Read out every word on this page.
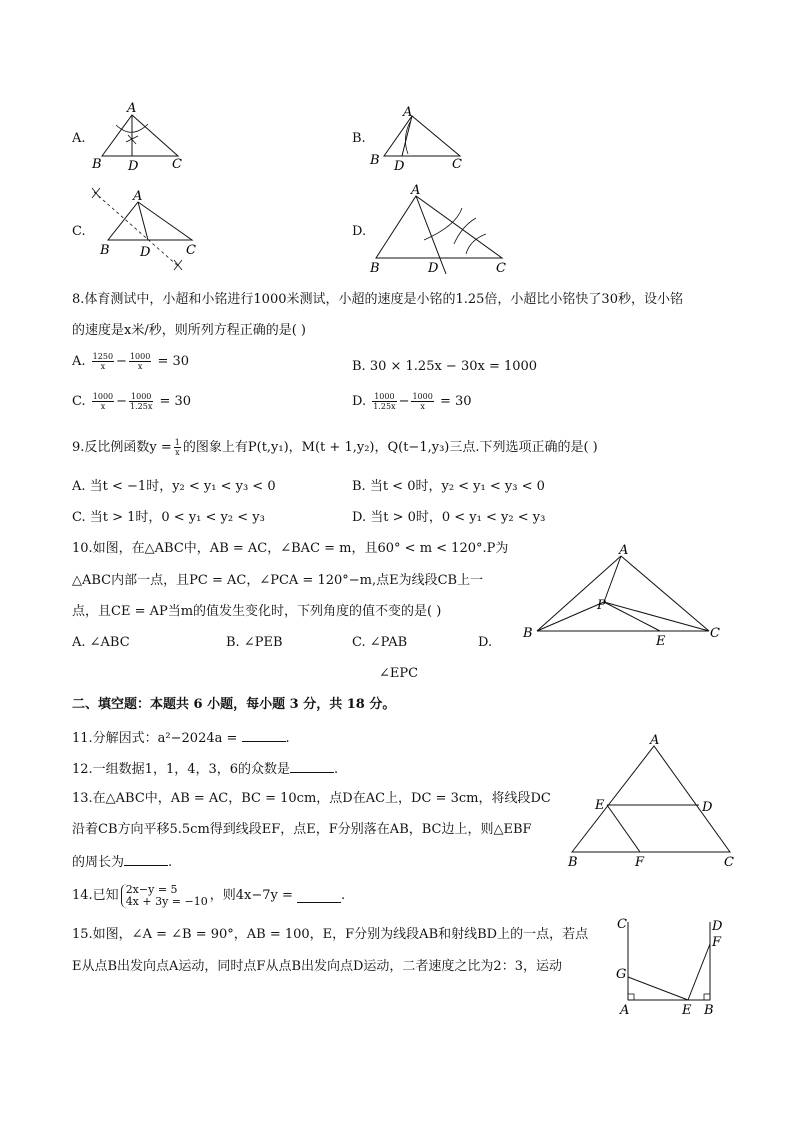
A.
A
B D	C
B.
A
B D	C
C.
A
B D	C
D.
A
B	D	C
8.体育测试中，小超和小铭进行1000米测试，小超的速度是小铭的1.25倍，小超比小铭快了30秒，设小铭
的速度是x米/秒，则所列方程正确的是( )
A. $\frac{1250}{x} - \frac{1000}{x} = 30$	B. 30 × 1.25x − 30x = 1000
C. $\frac{1000}{x} - \frac{1000}{1.25x} = 30$	D. $\frac{1000}{1.25x} - \frac{1000}{x} = 30$
9.反比例函数$y = \frac{1}{x}$ 的图象上有P(t,y₁)，M(t + 1,y₂)，Q(t−1,y₃)三点.下列选项正确的是( )
A. 当t < −1时，y₂ < y₁ < y₃ < 0	B. 当t < 0时，y₂ < y₁ < y₃ < 0
C. 当t > 1时，0 < y₁ < y₂ < y₃	D. 当t > 0时，0 < y₁ < y₂ < y₃
10.如图，在△ABC中，AB = AC，∠BAC = m，且60° < m < 120°.P为
△ABC内部一点，且PC = AC，∠PCA = 120°−m,点E为线段CB上一
点，且CE = AP当m的值发生变化时，下列角度的值不变的是( )
A. ∠ABC	B. ∠PEB	C. ∠PAB	D.
∠EPC
A
B	C
P
E
二、填空题：本题共 6 小题，每小题 3 分，共 18 分。
11.分解因式：a²−2024a =	.
12.一组数据1，1，4，3，6的众数是	.
13.在△ABC中，AB = AC，BC = 10cm，点D在AC上，DC = 3cm，将线段DC
沿着CB方向平移5.5cm得到线段EF，点E，F分别落在AB，BC边上，则△EBF
的周长为	.
A
B	C
D
E
F
14.已知 2x−y = 5
4x + 3y = −10 ，则4x−7y =	.
15.如图，∠A = ∠B = 90°，AB = 100，E，F分别为线段AB和射线BD上的一点，若点
E从点B出发向点A运动，同时点F从点B出发向点D运动，二者速度之比为2：3，运动
C	D
F
G
A	E B
